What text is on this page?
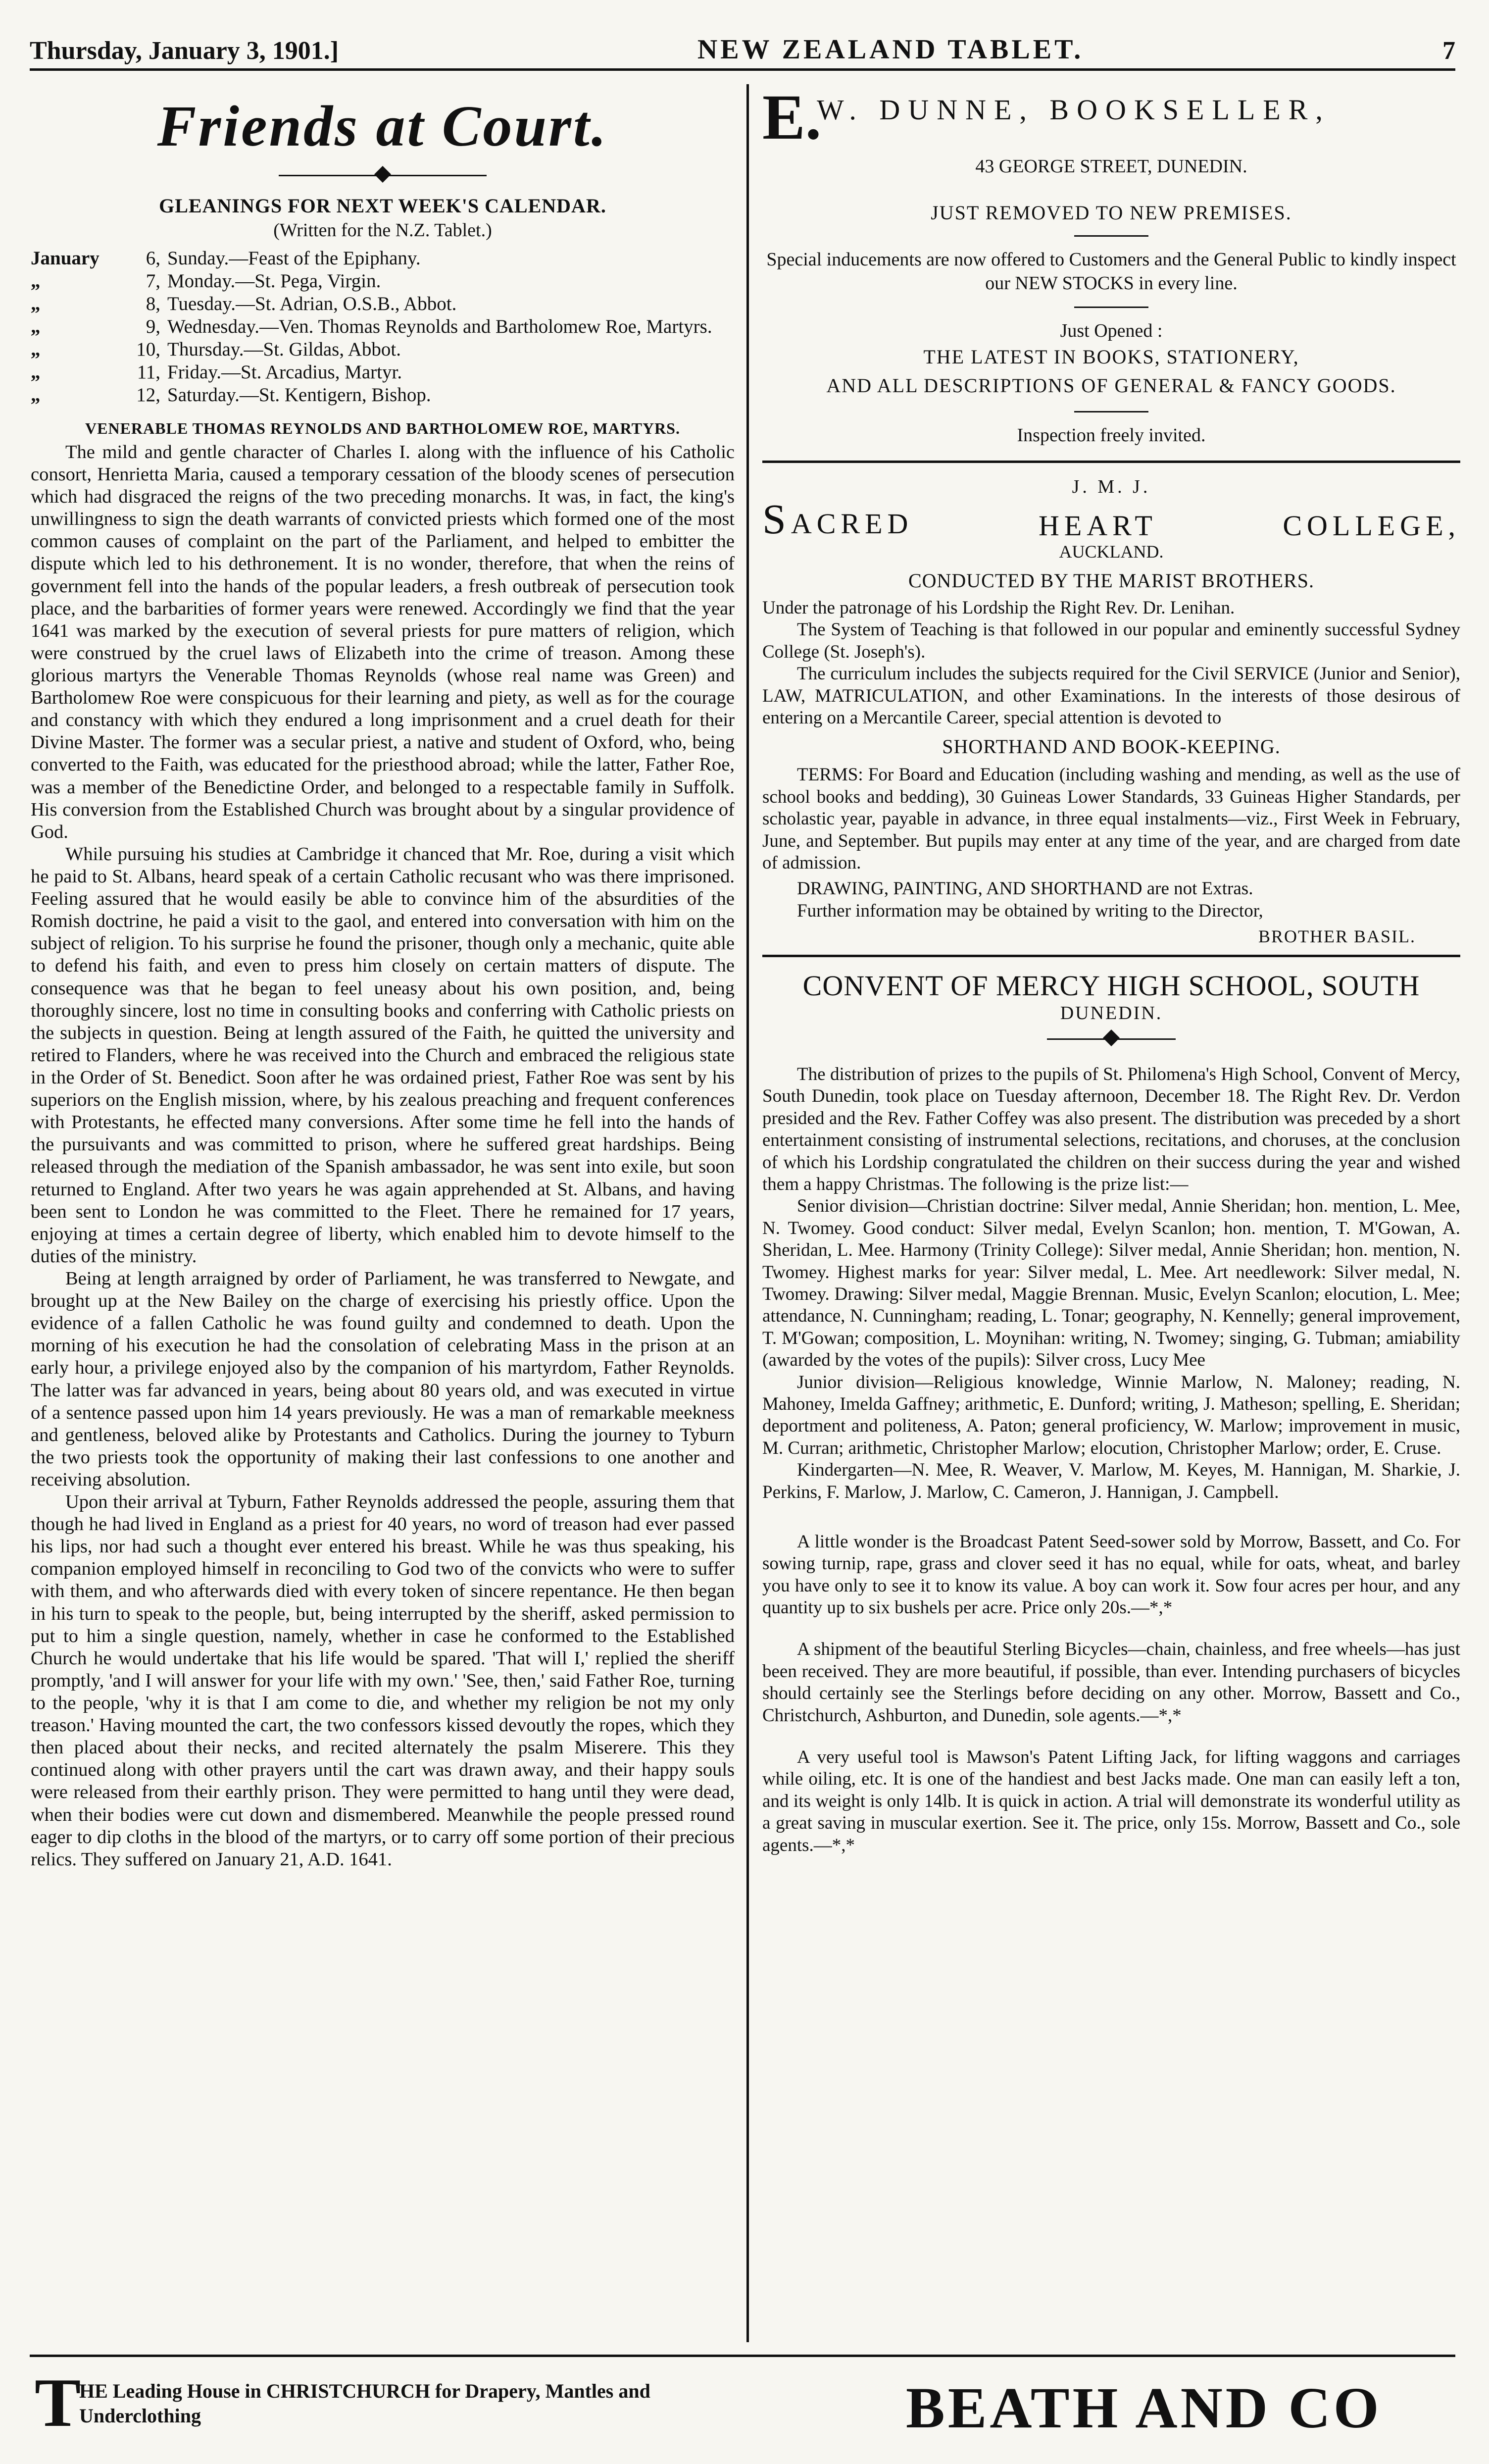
Thursday, January 3, 1901.]	NEW ZEALAND TABLET.	7
Friends at Court.
GLEANINGS FOR NEXT WEEK'S CALENDAR.
(Written for the N.Z. Tablet.)
January	6, Sunday.—Feast of the Epiphany.
„	7, Monday.—St. Pega, Virgin.
„	8, Tuesday.—St. Adrian, O.S.B., Abbot.
„	9, Wednesday.—Ven. Thomas Reynolds and Bartholomew Roe, Martyrs.
„	10, Thursday.—St. Gildas, Abbot.
„	11, Friday.—St. Arcadius, Martyr.
„	12, Saturday.—St. Kentigern, Bishop.
VENERABLE THOMAS REYNOLDS AND BARTHOLOMEW ROE, MARTYRS.

The mild and gentle character of Charles I. along with the influence of his Catholic consort, Henrietta Maria, caused a temporary cessation of the bloody scenes of persecution which had disgraced the reigns of the two preceding monarchs. It was, in fact, the king's unwillingness to sign the death warrants of convicted priests which formed one of the most common causes of complaint on the part of the Parliament, and helped to embitter the dispute which led to his dethronement. It is no wonder, therefore, that when the reins of government fell into the hands of the popular leaders, a fresh outbreak of persecution took place, and the barbarities of former years were renewed. Accordingly we find that the year 1641 was marked by the execution of several priests for pure matters of religion, which were construed by the cruel laws of Elizabeth into the crime of treason. Among these glorious martyrs the Venerable Thomas Reynolds (whose real name was Green) and Bartholomew Roe were conspicuous for their learning and piety, as well as for the courage and constancy with which they endured a long imprisonment and a cruel death for their Divine Master. The former was a secular priest, a native and student of Oxford, who, being converted to the Faith, was educated for the priesthood abroad; while the latter, Father Roe, was a member of the Benedictine Order, and belonged to a respectable family in Suffolk. His conversion from the Established Church was brought about by a singular providence of God.

While pursuing his studies at Cambridge it chanced that Mr. Roe, during a visit which he paid to St. Albans, heard speak of a certain Catholic recusant who was there imprisoned. Feeling assured that he would easily be able to convince him of the absurdities of the Romish doctrine, he paid a visit to the gaol, and entered into conversation with him on the subject of religion. To his surprise he found the prisoner, though only a mechanic, quite able to defend his faith, and even to press him closely on certain matters of dispute. The consequence was that he began to feel uneasy about his own position, and, being thoroughly sincere, lost no time in consulting books and conferring with Catholic priests on the subjects in question. Being at length assured of the Faith, he quitted the university and retired to Flanders, where he was received into the Church and embraced the religious state in the Order of St. Benedict. Soon after he was ordained priest, Father Roe was sent by his superiors on the English mission, where, by his zealous preaching and frequent conferences with Protestants, he effected many conversions. After some time he fell into the hands of the pursuivants and was committed to prison, where he suffered great hardships. Being released through the mediation of the Spanish ambassador, he was sent into exile, but soon returned to England. After two years he was again apprehended at St. Albans, and having been sent to London he was committed to the Fleet. There he remained for 17 years, enjoying at times a certain degree of liberty, which enabled him to devote himself to the duties of the ministry.

Being at length arraigned by order of Parliament, he was transferred to Newgate, and brought up at the New Bailey on the charge of exercising his priestly office. Upon the evidence of a fallen Catholic he was found guilty and condemned to death. Upon the morning of his execution he had the consolation of celebrating Mass in the prison at an early hour, a privilege enjoyed also by the companion of his martyrdom, Father Reynolds. The latter was far advanced in years, being about 80 years old, and was executed in virtue of a sentence passed upon him 14 years previously. He was a man of remarkable meekness and gentleness, beloved alike by Protestants and Catholics. During the journey to Tyburn the two priests took the opportunity of making their last confessions to one another and receiving absolution.

Upon their arrival at Tyburn, Father Reynolds addressed the people, assuring them that though he had lived in England as a priest for 40 years, no word of treason had ever passed his lips, nor had such a thought ever entered his breast. While he was thus speaking, his companion employed himself in reconciling to God two of the convicts who were to suffer with them, and who afterwards died with every token of sincere repentance. He then began in his turn to speak to the people, but, being interrupted by the sheriff, asked permission to put to him a single question, namely, whether in case he conformed to the Established Church he would undertake that his life would be spared. 'That will I,' replied the sheriff promptly, 'and I will answer for your life with my own.' 'See, then,' said Father Roe, turning to the people, 'why it is that I am come to die, and whether my religion be not my only treason.' Having mounted the cart, the two confessors kissed devoutly the ropes, which they then placed about their necks, and recited alternately the psalm Miserere. This they continued along with other prayers until the cart was drawn away, and their happy souls were released from their earthly prison. They were permitted to hang until they were dead, when their bodies were cut down and dismembered. Meanwhile the people pressed round eager to dip cloths in the blood of the martyrs, or to carry off some portion of their precious relics. They suffered on January 21, A.D. 1641.

E.
W. DUNNE, BOOKSELLER,
43 GEORGE STREET, DUNEDIN.
JUST REMOVED TO NEW PREMISES.
Special inducements are now offered to Customers and the General Public to kindly inspect our NEW STOCKS in every line.
Just Opened :
THE LATEST IN BOOKS, STATIONERY,
AND ALL DESCRIPTIONS OF GENERAL & FANCY GOODS.
Inspection freely invited.
J. M. J.
SACRED	HEART	COLLEGE,
AUCKLAND.
CONDUCTED BY THE MARIST BROTHERS.

Under the patronage of his Lordship the Right Rev. Dr. Lenihan.

The System of Teaching is that followed in our popular and eminently successful Sydney College (St. Joseph's).

The curriculum includes the subjects required for the Civil SERVICE (Junior and Senior), LAW, MATRICULATION, and other Examinations. In the interests of those desirous of entering on a Mercantile Career, special attention is devoted to

SHORTHAND AND BOOK-KEEPING.

TERMS: For Board and Education (including washing and mending, as well as the use of school books and bedding), 30 Guineas Lower Standards, 33 Guineas Higher Standards, per scholastic year, payable in advance, in three equal instalments—viz., First Week in February, June, and September. But pupils may enter at any time of the year, and are charged from date of admission.

DRAWING, PAINTING, AND SHORTHAND are not Extras.

Further information may be obtained by writing to the Director,

BROTHER BASIL.
CONVENT OF MERCY HIGH SCHOOL, SOUTH
DUNEDIN.

The distribution of prizes to the pupils of St. Philomena's High School, Convent of Mercy, South Dunedin, took place on Tuesday afternoon, December 18. The Right Rev. Dr. Verdon presided and the Rev. Father Coffey was also present. The distribution was preceded by a short entertainment consisting of instrumental selections, recitations, and choruses, at the conclusion of which his Lordship congratulated the children on their success during the year and wished them a happy Christmas. The following is the prize list:—

Senior division—Christian doctrine: Silver medal, Annie Sheridan; hon. mention, L. Mee, N. Twomey. Good conduct: Silver medal, Evelyn Scanlon; hon. mention, T. M'Gowan, A. Sheridan, L. Mee. Harmony (Trinity College): Silver medal, Annie Sheridan; hon. mention, N. Twomey. Highest marks for year: Silver medal, L. Mee. Art needlework: Silver medal, N. Twomey. Drawing: Silver medal, Maggie Brennan. Music, Evelyn Scanlon; elocution, L. Mee; attendance, N. Cunningham; reading, L. Tonar; geography, N. Kennelly; general improvement, T. M'Gowan; composition, L. Moynihan: writing, N. Twomey; singing, G. Tubman; amiability (awarded by the votes of the pupils): Silver cross, Lucy Mee

Junior division—Religious knowledge, Winnie Marlow, N. Maloney; reading, N. Mahoney, Imelda Gaffney; arithmetic, E. Dunford; writing, J. Matheson; spelling, E. Sheridan; deportment and politeness, A. Paton; general proficiency, W. Marlow; improvement in music, M. Curran; arithmetic, Christopher Marlow; elocution, Christopher Marlow; order, E. Cruse.

Kindergarten—N. Mee, R. Weaver, V. Marlow, M. Keyes, M. Hannigan, M. Sharkie, J. Perkins, F. Marlow, J. Marlow, C. Cameron, J. Hannigan, J. Campbell.

A little wonder is the Broadcast Patent Seed-sower sold by Morrow, Bassett, and Co. For sowing turnip, rape, grass and clover seed it has no equal, while for oats, wheat, and barley you have only to see it to know its value. A boy can work it. Sow four acres per hour, and any quantity up to six bushels per acre. Price only 20s.—*,*

A shipment of the beautiful Sterling Bicycles—chain, chainless, and free wheels—has just been received. They are more beautiful, if possible, than ever. Intending purchasers of bicycles should certainly see the Sterlings before deciding on any other. Morrow, Bassett and Co., Christchurch, Ashburton, and Dunedin, sole agents.—*,*

A very useful tool is Mawson's Patent Lifting Jack, for lifting waggons and carriages while oiling, etc. It is one of the handiest and best Jacks made. One man can easily left a ton, and its weight is only 14lb. It is quick in action. A trial will demonstrate its wonderful utility as a great saving in muscular exertion. See it. The price, only 15s. Morrow, Bassett and Co., sole agents.—*,*

T
HE Leading House in CHRISTCHURCH for Drapery, Mantles and
Underclothing	BEATH AND CO
